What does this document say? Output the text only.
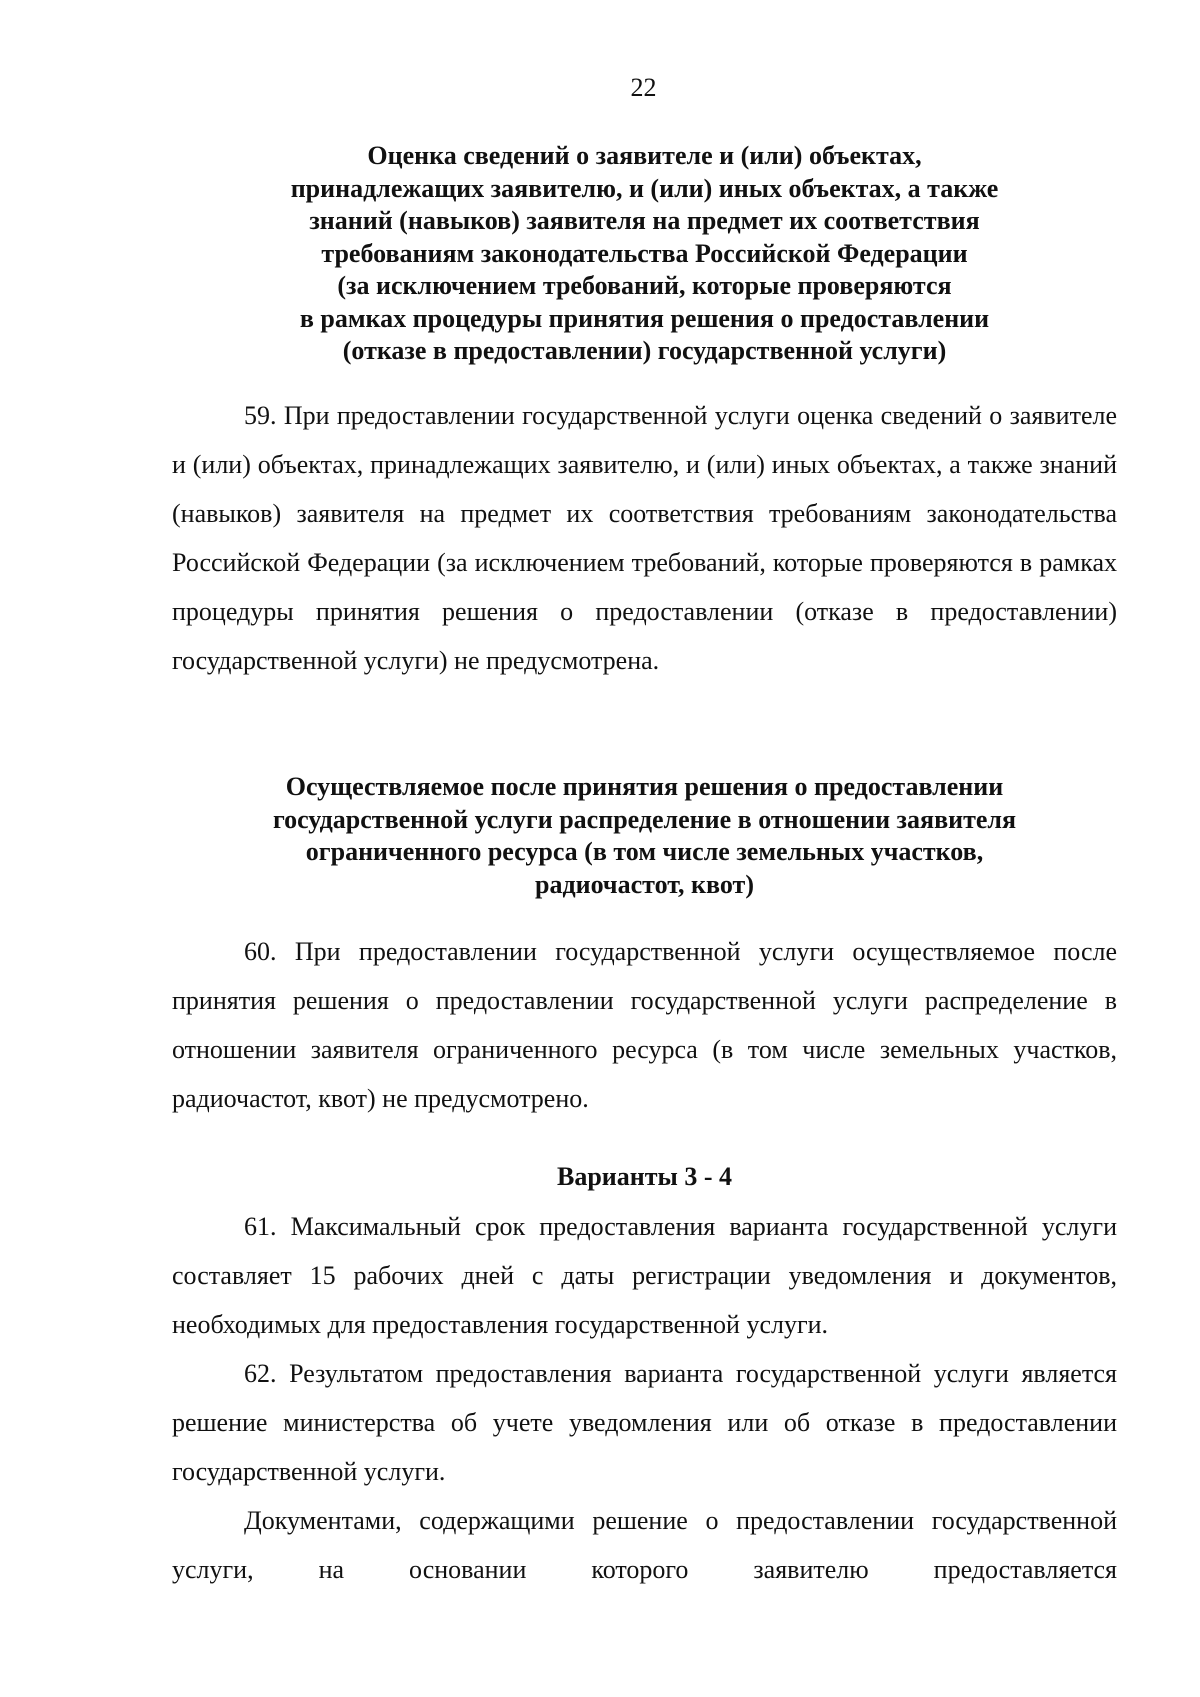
22
Оценка сведений о заявителе и (или) объектах,
принадлежащих заявителю, и (или) иных объектах, а также
знаний (навыков) заявителя на предмет их соответствия
требованиям законодательства Российской Федерации
(за исключением требований, которые проверяются
в рамках процедуры принятия решения о предоставлении
(отказе в предоставлении) государственной услуги)

59. При предоставлении государственной услуги оценка сведений о заявителе и (или) объектах, принадлежащих заявителю, и (или) иных объектах, а также знаний (навыков) заявителя на предмет их соответствия требованиям законодательства Российской Федерации (за исключением требований, которые проверяются в рамках процедуры принятия решения о предоставлении (отказе в предоставлении) государственной услуги) не предусмотрена.

Осуществляемое после принятия решения о предоставлении
государственной услуги распределение в отношении заявителя
ограниченного ресурса (в том числе земельных участков,
радиочастот, квот)

60. При предоставлении государственной услуги осуществляемое после принятия решения о предоставлении государственной услуги распределение в отношении заявителя ограниченного ресурса (в том числе земельных участков, радиочастот, квот) не предусмотрено.

Варианты 3 - 4

61. Максимальный срок предоставления варианта государственной услуги составляет 15 рабочих дней с даты регистрации уведомления и документов, необходимых для предоставления государственной услуги.

62. Результатом предоставления варианта государственной услуги является решение министерства об учете уведомления или об отказе в предоставлении государственной услуги.

Документами, содержащими решение о предоставлении государственной услуги, на основании которого заявителю предоставляется
